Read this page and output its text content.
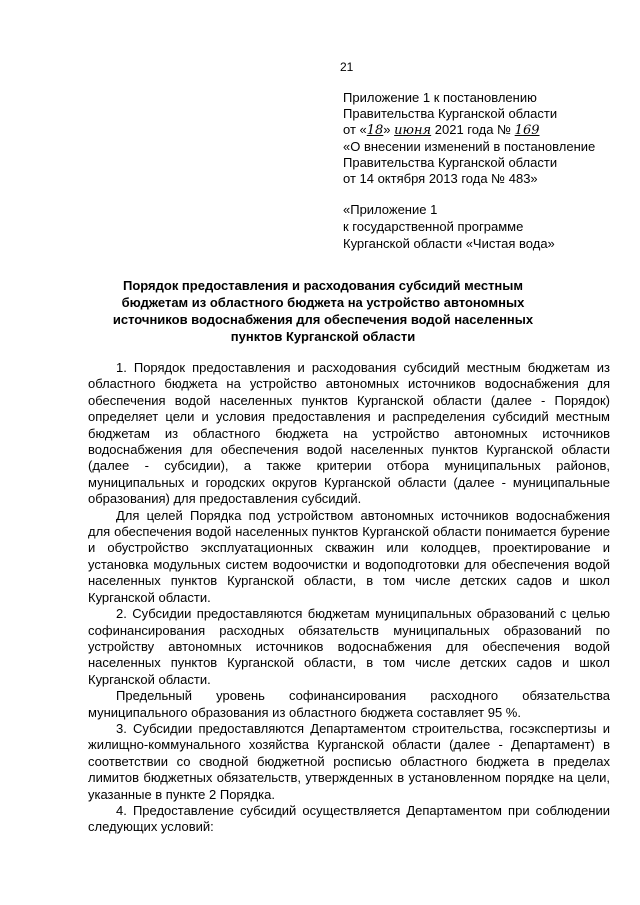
21
Приложение 1 к постановлению
Правительства Курганской области
от «18» июня 2021 года № 169
«О внесении изменений в постановление
Правительства Курганской области
от 14 октября 2013 года № 483»
«Приложение 1
к государственной программе
Курганской области «Чистая вода»
Порядок предоставления и расходования субсидий местным бюджетам из областного бюджета на устройство автономных источников водоснабжения для обеспечения водой населенных пунктов Курганской области

1. Порядок предоставления и расходования субсидий местным бюджетам из областного бюджета на устройство автономных источников водоснабжения для обеспечения водой населенных пунктов Курганской области (далее - Порядок) определяет цели и условия предоставления и распределения субсидий местным бюджетам из областного бюджета на устройство автономных источников водоснабжения для обеспечения водой населенных пунктов Курганской области (далее - субсидии), а также критерии отбора муниципальных районов, муниципальных и городских округов Курганской области (далее - муниципальные образования) для предоставления субсидий.

Для целей Порядка под устройством автономных источников водоснабжения для обеспечения водой населенных пунктов Курганской области понимается бурение и обустройство эксплуатационных скважин или колодцев, проектирование и установка модульных систем водоочистки и водоподготовки для обеспечения водой населенных пунктов Курганской области, в том числе детских садов и школ Курганской области.

2. Субсидии предоставляются бюджетам муниципальных образований с целью софинансирования расходных обязательств муниципальных образований по устройству автономных источников водоснабжения для обеспечения водой населенных пунктов Курганской области, в том числе детских садов и школ Курганской области.

Предельный уровень софинансирования расходного обязательства муниципального образования из областного бюджета составляет 95 %.

3. Субсидии предоставляются Департаментом строительства, госэкспертизы и жилищно-коммунального хозяйства Курганской области (далее - Департамент) в соответствии со сводной бюджетной росписью областного бюджета в пределах лимитов бюджетных обязательств, утвержденных в установленном порядке на цели, указанные в пункте 2 Порядка.

4. Предоставление субсидий осуществляется Департаментом при соблюдении следующих условий:
